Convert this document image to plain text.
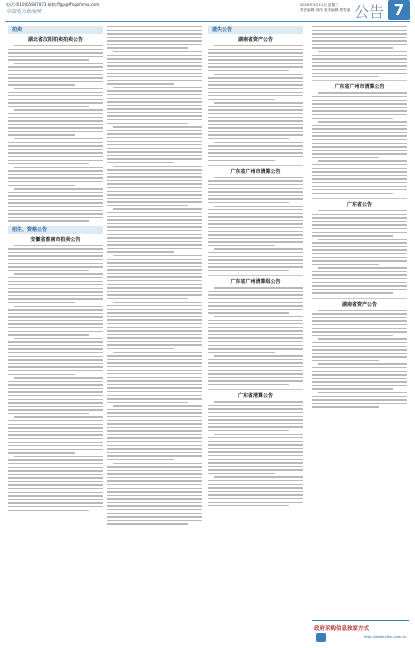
电话:(010)65847873 邮箱:ffgp@ffngofnma.com
中国电力新闻网
2020年3月11日 星期三
责任编辑:刘洋 美术编辑:郑雪丽 公告 7
拍卖
湖北省汉阳拍卖拍卖公告
招生、资格公告
安徽省淮南市拍卖公告
遗失公告
湖南省资产公告
广东省广州市清算公告
广东省广州清算组公告
广东省清算公告
广东省广州市清算公告
广东省公告
湖南省资产公告
政府采购信息独家方式
http://www.cfen.com.cn
